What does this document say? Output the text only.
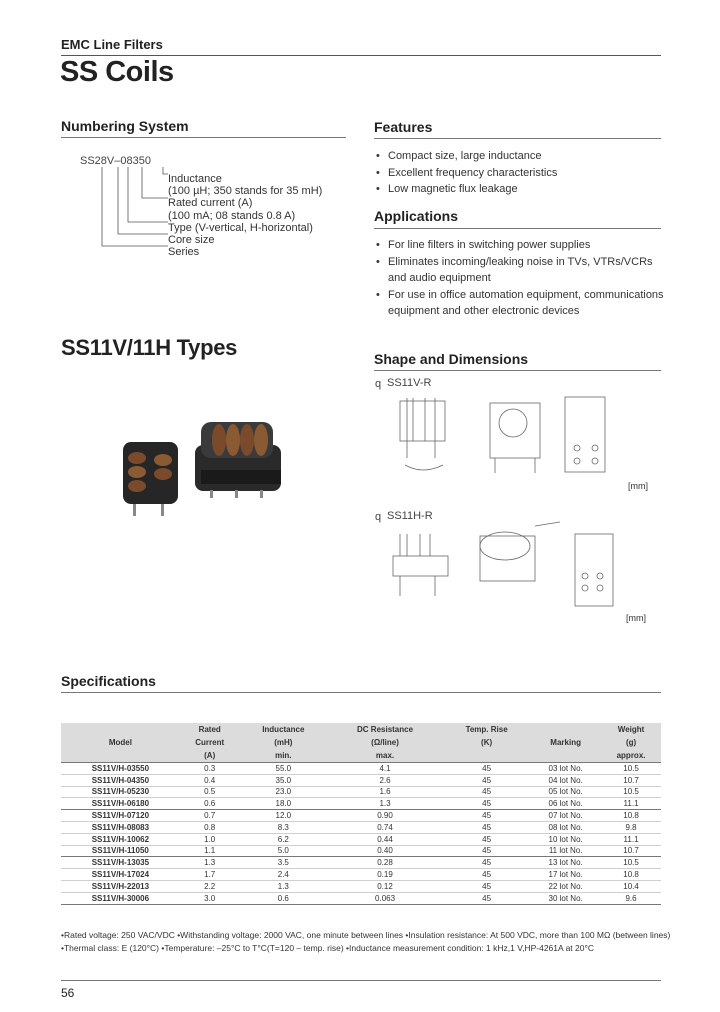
EMC Line Filters
SS Coils
Numbering System
SS28V–08350
Inductance
(100 µH; 350 stands for 35 mH)
Rated current (A)
(100 mA; 08 stands 0.8 A)
Type (V-vertical, H-horizontal)
Core size
Series
Features
• Compact size, large inductance
• Excellent frequency characteristics
• Low magnetic flux leakage
Applications
• For line filters in switching power supplies
• Eliminates incoming/leaking noise in TVs, VTRs/VCRs and audio equipment
• For use in office automation equipment, communications equipment and other electronic devices
SS11V/11H Types	Shape and Dimensions
q SS11V-R
[mm]
q SS11H-R
[mm]
Specifications
	Rated	Inductance	DC Resistance	Temp. Rise		Weight
Model	Current	(mH)	(Ω/line)	(K)	Marking	(g)
	(A)	min.	max.			approx.
SS11V/H-03550	0.3	55.0	4.1	45	03 lot No.	10.5
SS11V/H-04350	0.4	35.0	2.6	45	04 lot No.	10.7
SS11V/H-05230	0.5	23.0	1.6	45	05 lot No.	10.5
SS11V/H-06180	0.6	18.0	1.3	45	06 lot No.	11.1
SS11V/H-07120	0.7	12.0	0.90	45	07 lot No.	10.8
SS11V/H-08083	0.8	8.3	0.74	45	08 lot No.	9.8
SS11V/H-10062	1.0	6.2	0.44	45	10 lot No.	11.1
SS11V/H-11050	1.1	5.0	0.40	45	11 lot No.	10.7
SS11V/H-13035	1.3	3.5	0.28	45	13 lot No.	10.5
SS11V/H-17024	1.7	2.4	0.19	45	17 lot No.	10.8
SS11V/H-22013	2.2	1.3	0.12	45	22 lot No.	10.4
SS11V/H-30006	3.0	0.6	0.063	45	30 lot No.	9.6
•Rated voltage: 250 VAC/VDC •Withstanding voltage: 2000 VAC, one minute between lines •Insulation resistance: At 500 VDC, more than 100 MΩ (between lines)
•Thermal class: E (120°C) •Temperature: –25°C to T°C(T=120 – temp. rise) •Inductance measurement condition: 1 kHz,1 V,HP-4261A at 20°C
56
